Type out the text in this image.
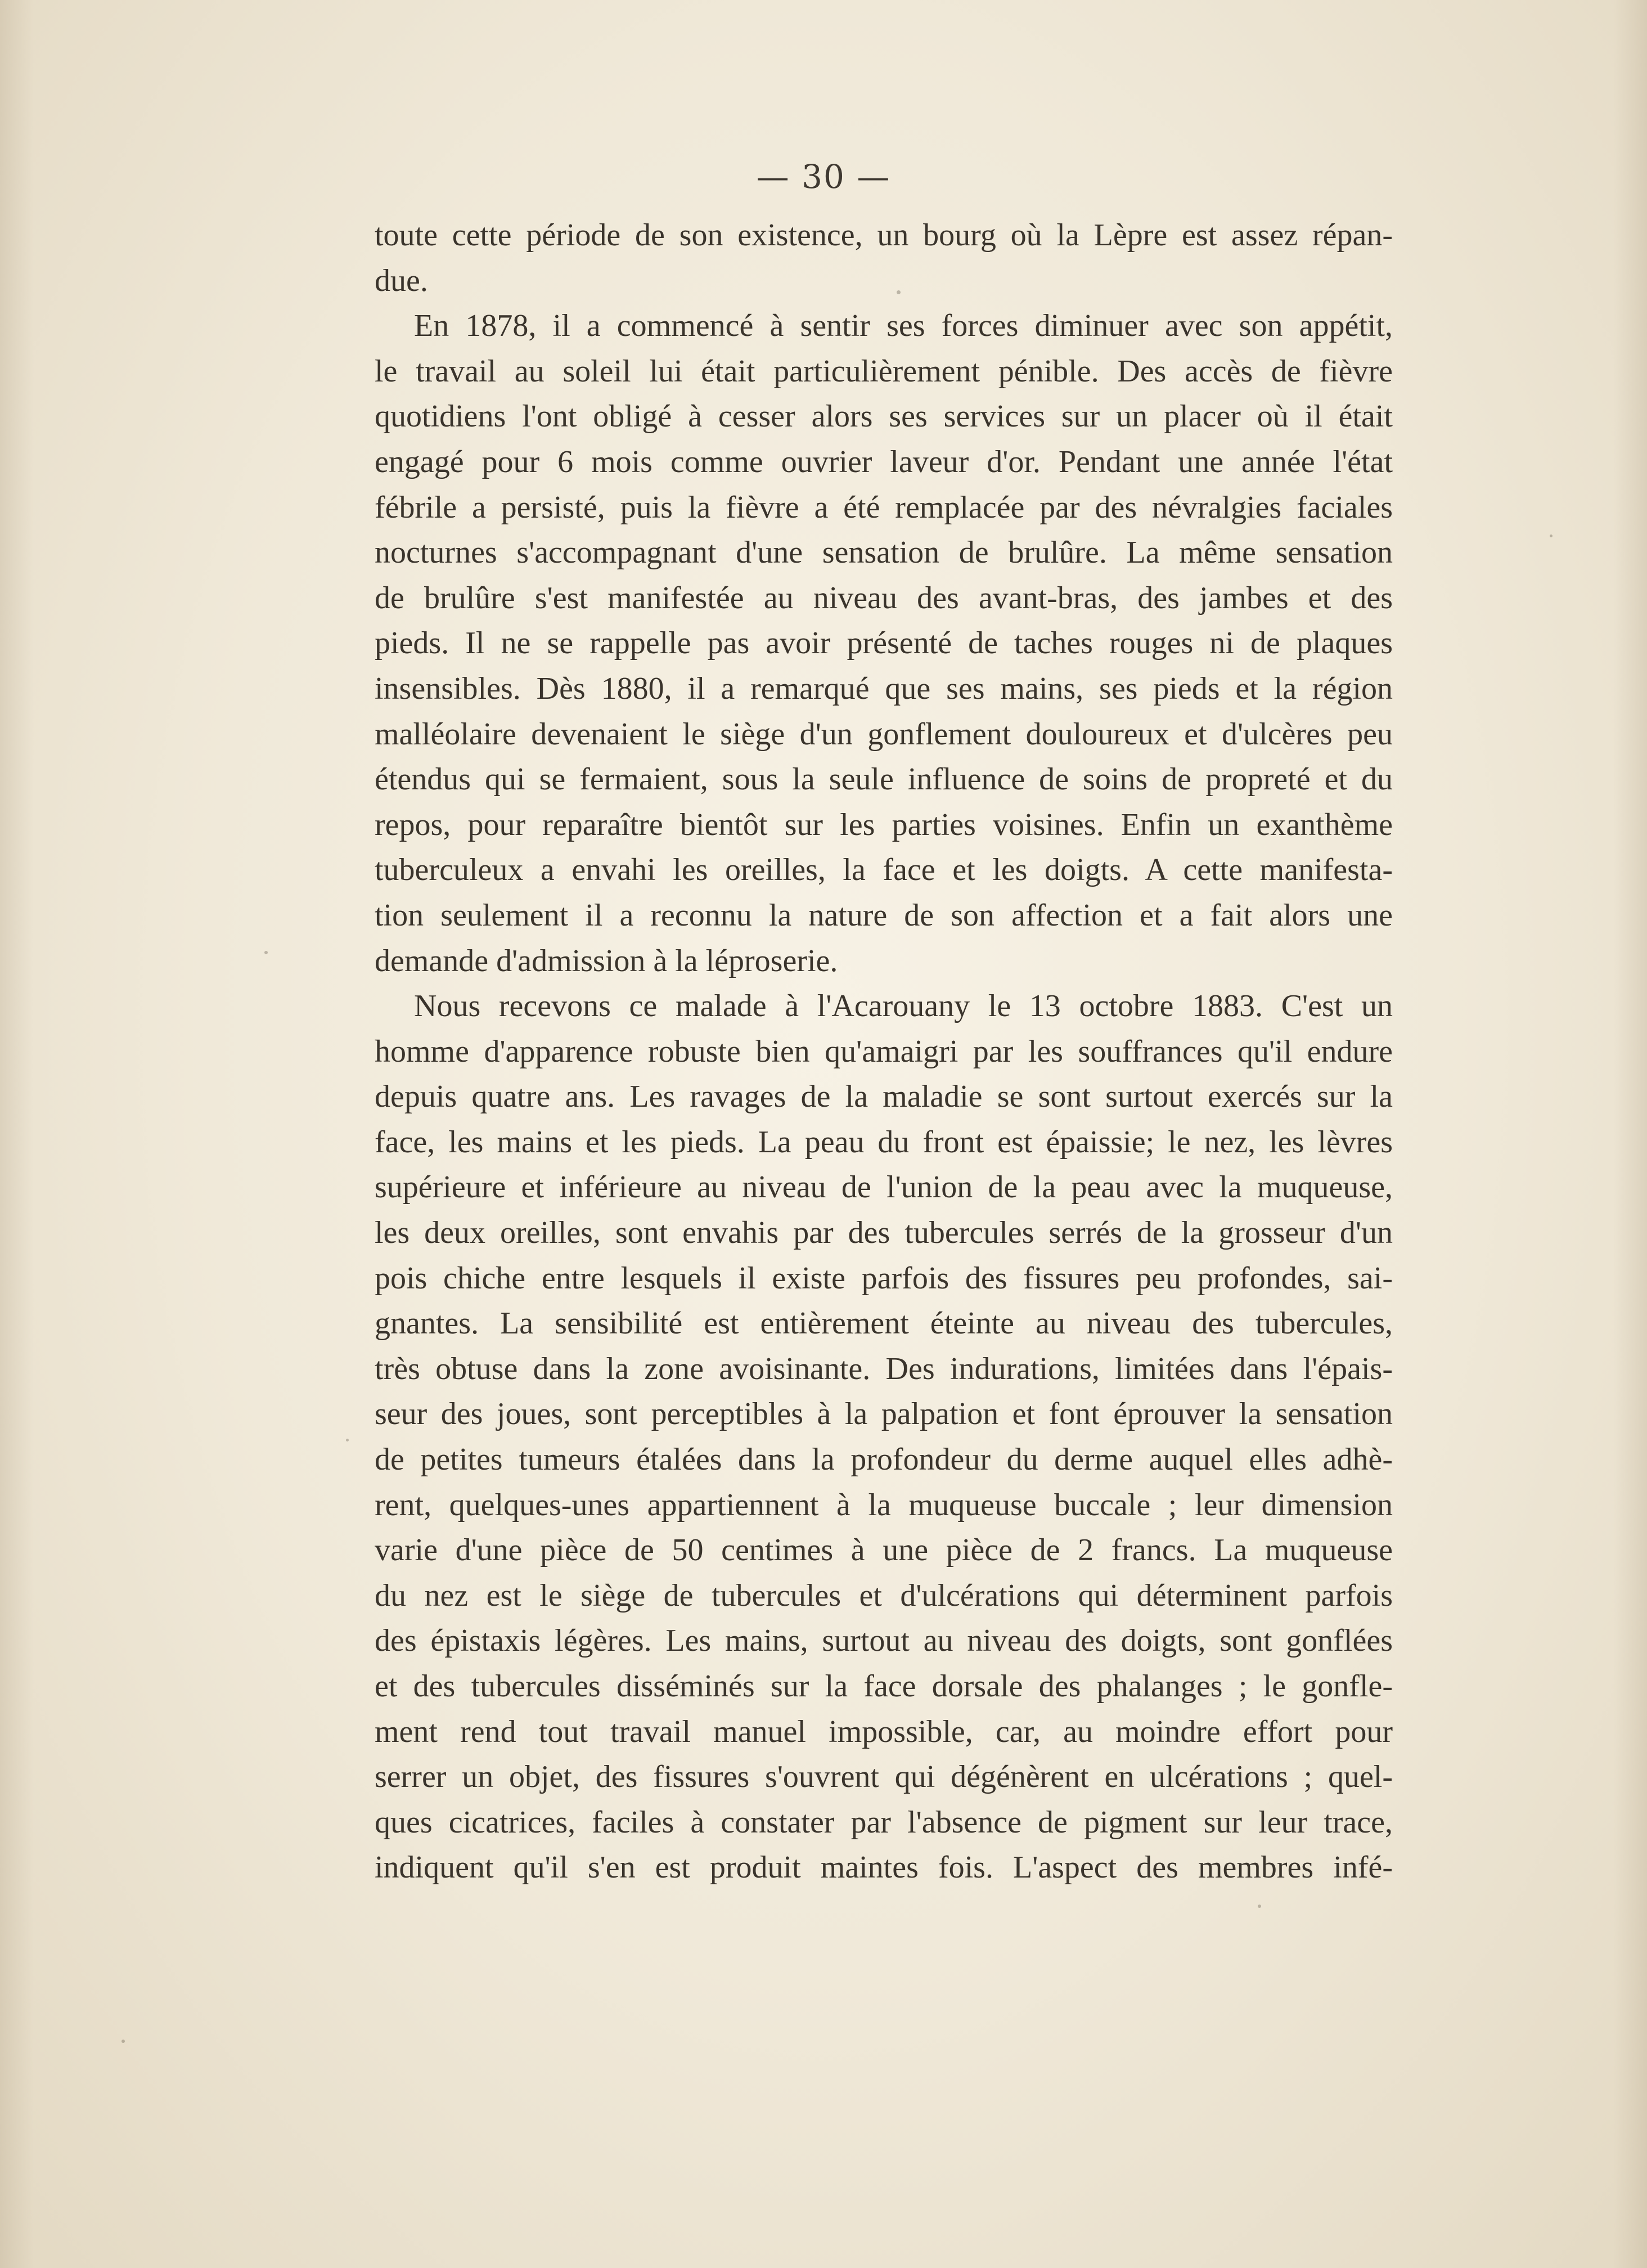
— 30 —
toute cette période de son existence, un bourg où la Lèpre est assez répan-
due.
En 1878, il a commencé à sentir ses forces diminuer avec son appétit,
le travail au soleil lui était particulièrement pénible. Des accès de fièvre
quotidiens l'ont obligé à cesser alors ses services sur un placer où il était
engagé pour 6 mois comme ouvrier laveur d'or. Pendant une année l'état
fébrile a persisté, puis la fièvre a été remplacée par des névralgies faciales
nocturnes s'accompagnant d'une sensation de brulûre. La même sensation
de brulûre s'est manifestée au niveau des avant-bras, des jambes et des
pieds. Il ne se rappelle pas avoir présenté de taches rouges ni de plaques
insensibles. Dès 1880, il a remarqué que ses mains, ses pieds et la région
malléolaire devenaient le siège d'un gonflement douloureux et d'ulcères peu
étendus qui se fermaient, sous la seule influence de soins de propreté et du
repos, pour reparaître bientôt sur les parties voisines. Enfin un exanthème
tuberculeux a envahi les oreilles, la face et les doigts. A cette manifesta-
tion seulement il a reconnu la nature de son affection et a fait alors une
demande d'admission à la léproserie.
Nous recevons ce malade à l'Acarouany le 13 octobre 1883. C'est un
homme d'apparence robuste bien qu'amaigri par les souffrances qu'il endure
depuis quatre ans. Les ravages de la maladie se sont surtout exercés sur la
face, les mains et les pieds. La peau du front est épaissie; le nez, les lèvres
supérieure et inférieure au niveau de l'union de la peau avec la muqueuse,
les deux oreilles, sont envahis par des tubercules serrés de la grosseur d'un
pois chiche entre lesquels il existe parfois des fissures peu profondes, sai-
gnantes. La sensibilité est entièrement éteinte au niveau des tubercules,
très obtuse dans la zone avoisinante. Des indurations, limitées dans l'épais-
seur des joues, sont perceptibles à la palpation et font éprouver la sensation
de petites tumeurs étalées dans la profondeur du derme auquel elles adhè-
rent, quelques-unes appartiennent à la muqueuse buccale ; leur dimension
varie d'une pièce de 50 centimes à une pièce de 2 francs. La muqueuse
du nez est le siège de tubercules et d'ulcérations qui déterminent parfois
des épistaxis légères. Les mains, surtout au niveau des doigts, sont gonflées
et des tubercules disséminés sur la face dorsale des phalanges ; le gonfle-
ment rend tout travail manuel impossible, car, au moindre effort pour
serrer un objet, des fissures s'ouvrent qui dégénèrent en ulcérations ; quel-
ques cicatrices, faciles à constater par l'absence de pigment sur leur trace,
indiquent qu'il s'en est produit maintes fois. L'aspect des membres infé-
